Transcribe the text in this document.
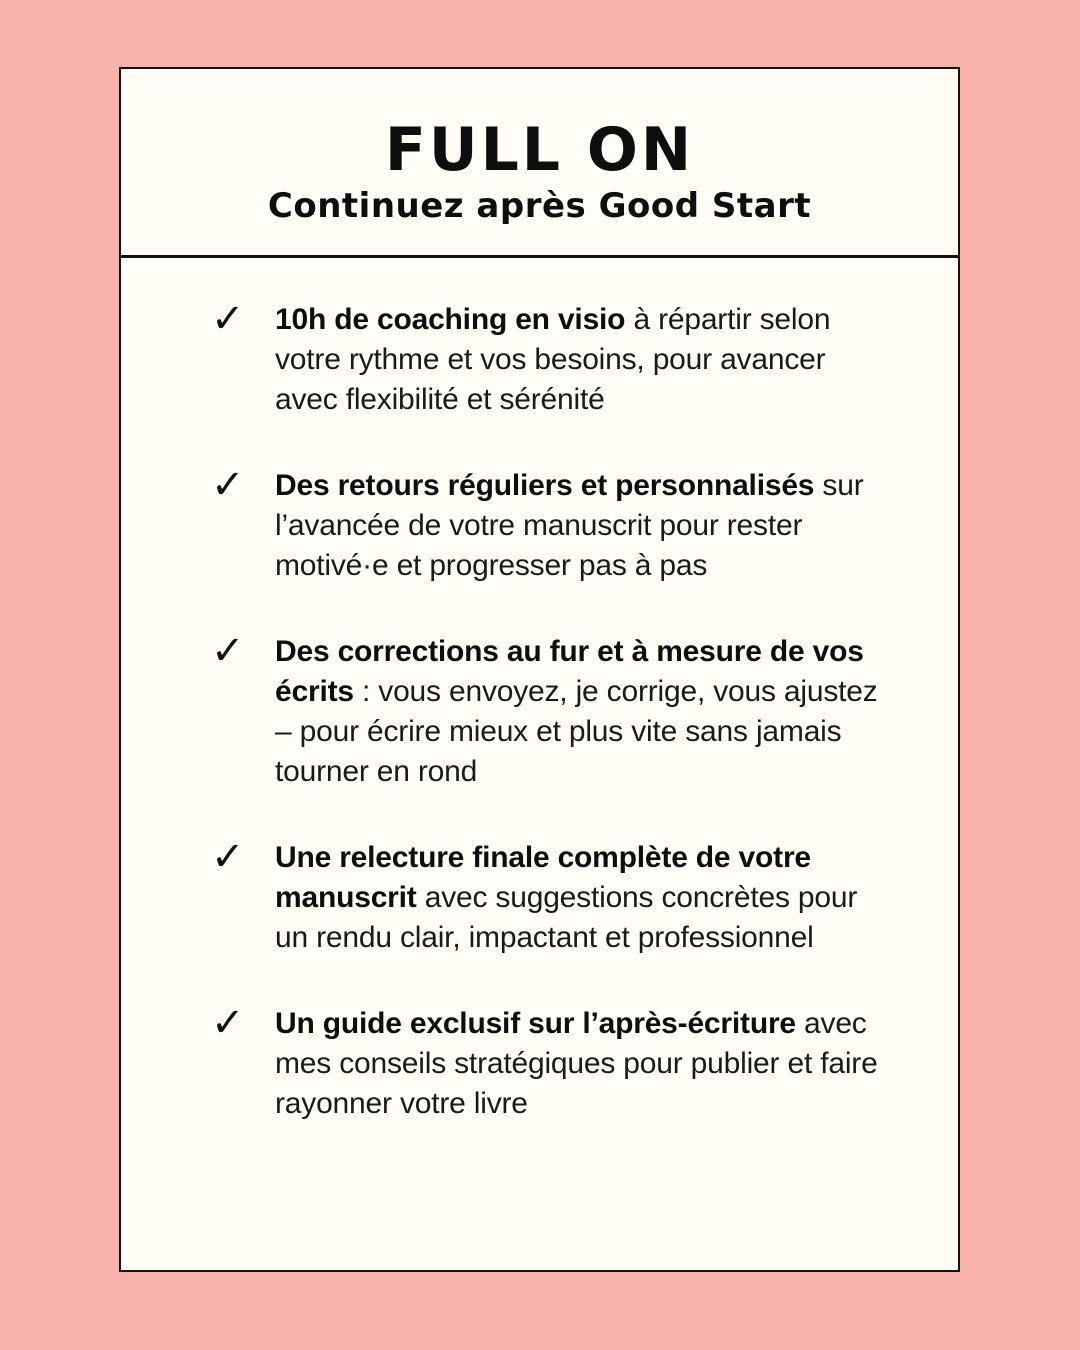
FULL ON
Continuez après Good Start
✓ 10h de coaching en visio à répartir selon votre rythme et vos besoins, pour avancer avec flexibilité et sérénité

✓ Des retours réguliers et personnalisés sur l’avancée de votre manuscrit pour rester motivé·e et progresser pas à pas

✓ Des corrections au fur et à mesure de vos écrits : vous envoyez, je corrige, vous ajustez – pour écrire mieux et plus vite sans jamais tourner en rond

✓ Une relecture finale complète de votre manuscrit avec suggestions concrètes pour un rendu clair, impactant et professionnel

✓ Un guide exclusif sur l’après-écriture avec mes conseils stratégiques pour publier et faire rayonner votre livre
